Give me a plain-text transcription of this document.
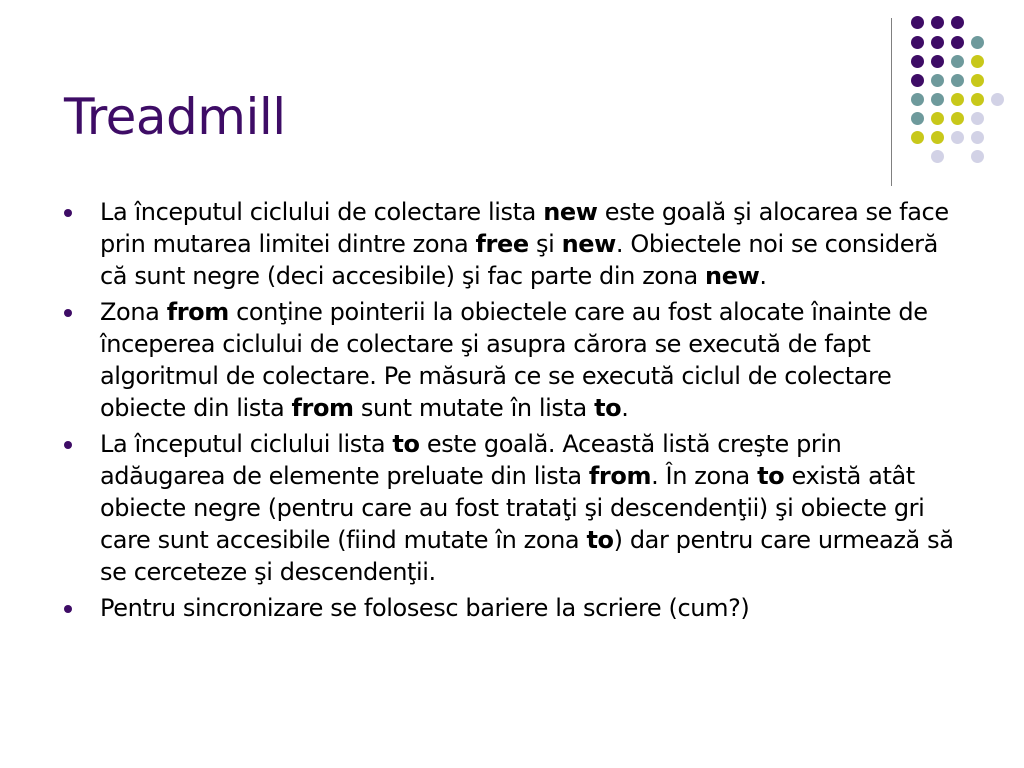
Treadmill
La începutul ciclului de colectare lista new este goală şi alocarea se face prin mutarea limitei dintre zona free şi new. Obiectele noi se consideră că sunt negre (deci accesibile) şi fac parte din zona new.
Zona from conţine pointerii la obiectele care au fost alocate înainte de începerea ciclului de colectare şi asupra cărora se execută de fapt algoritmul de colectare. Pe măsură ce se execută ciclul de colectare obiecte din lista from sunt mutate în lista to.
La începutul ciclului lista to este goală. Această listă creşte prin adăugarea de elemente preluate din lista from. În zona to există atât obiecte negre (pentru care au fost trataţi şi descendenţii) şi obiecte gri care sunt accesibile (fiind mutate în zona to) dar pentru care urmează să se cerceteze şi descendenţii.
Pentru sincronizare se folosesc bariere la scriere (cum?)
